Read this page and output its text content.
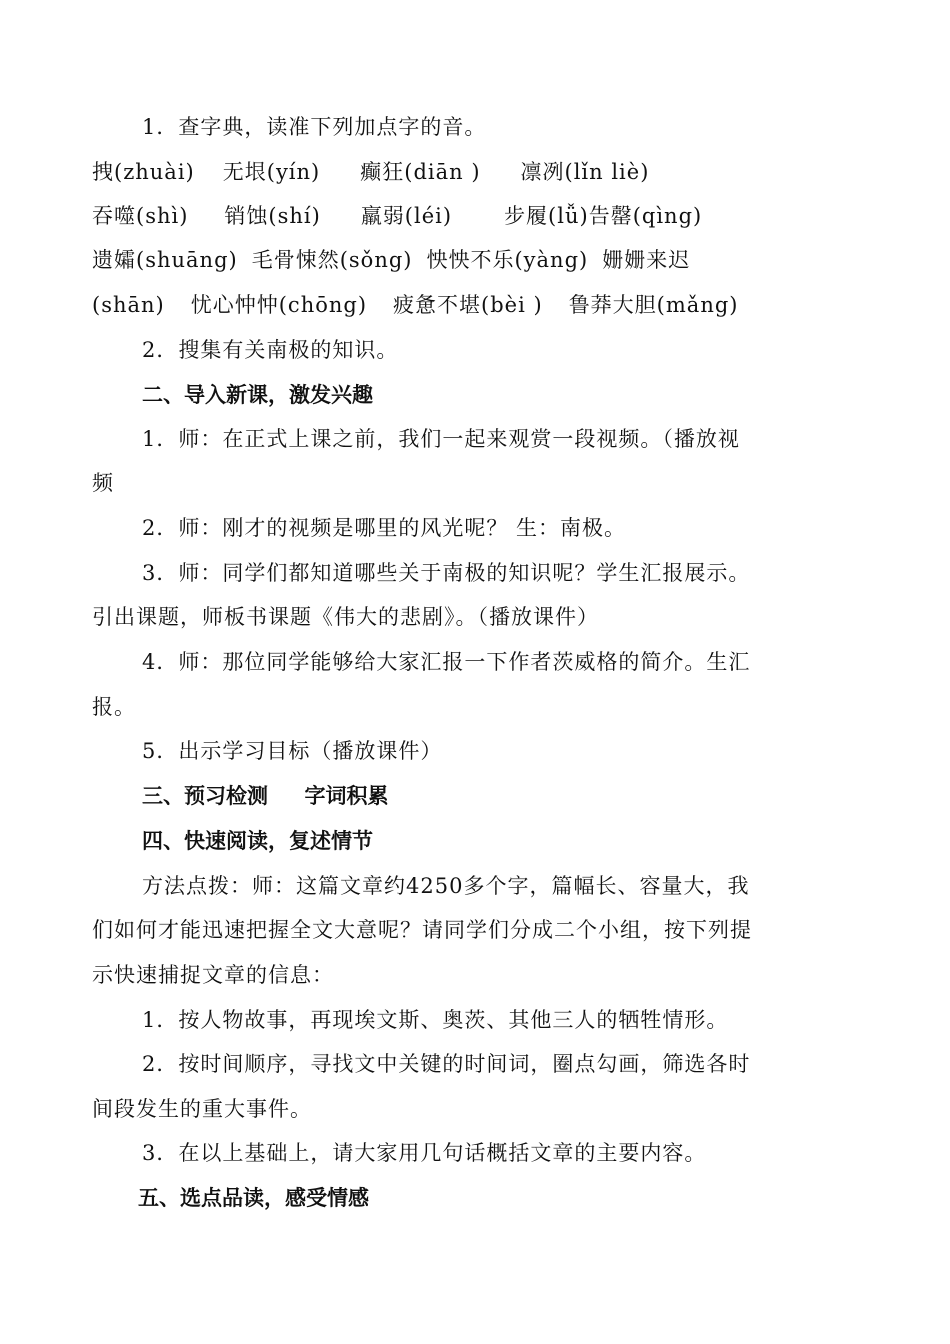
1．查字典，读准下列加点字的音。
拽(zhuài) 无垠(yín) 癫狂(diān ) 凛冽(lǐn liè)
吞噬(shì) 销蚀(shí) 羸弱(léi) 步履(lǚ)告罄(qìng)
遗孀(shuāng) 毛骨悚然(sǒng) 怏怏不乐(yàng) 姗姗来迟
(shān) 忧心忡忡(chōng) 疲惫不堪(bèi ) 鲁莽大胆(mǎng)
2．搜集有关南极的知识。
二、导入新课，激发兴趣
1．师：在正式上课之前，我们一起来观赏一段视频。（播放视
频
2．师：刚才的视频是哪里的风光呢？ 生：南极。
3．师：同学们都知道哪些关于南极的知识呢？学生汇报展示。
引出课题，师板书课题《伟大的悲剧》。（播放课件）
4．师：那位同学能够给大家汇报一下作者茨威格的简介。生汇
报。
5．出示学习目标（播放课件）
三、预习检测     字词积累
四、快速阅读，复述情节
方法点拨：师：这篇文章约4250多个字，篇幅长、容量大，我
们如何才能迅速把握全文大意呢？请同学们分成二个小组，按下列提
示快速捕捉文章的信息：
1．按人物故事，再现埃文斯、奥茨、其他三人的牺牲情形。
2．按时间顺序，寻找文中关键的时间词，圈点勾画，筛选各时
间段发生的重大事件。
3．在以上基础上，请大家用几句话概括文章的主要内容。
五、选点品读，感受情感
